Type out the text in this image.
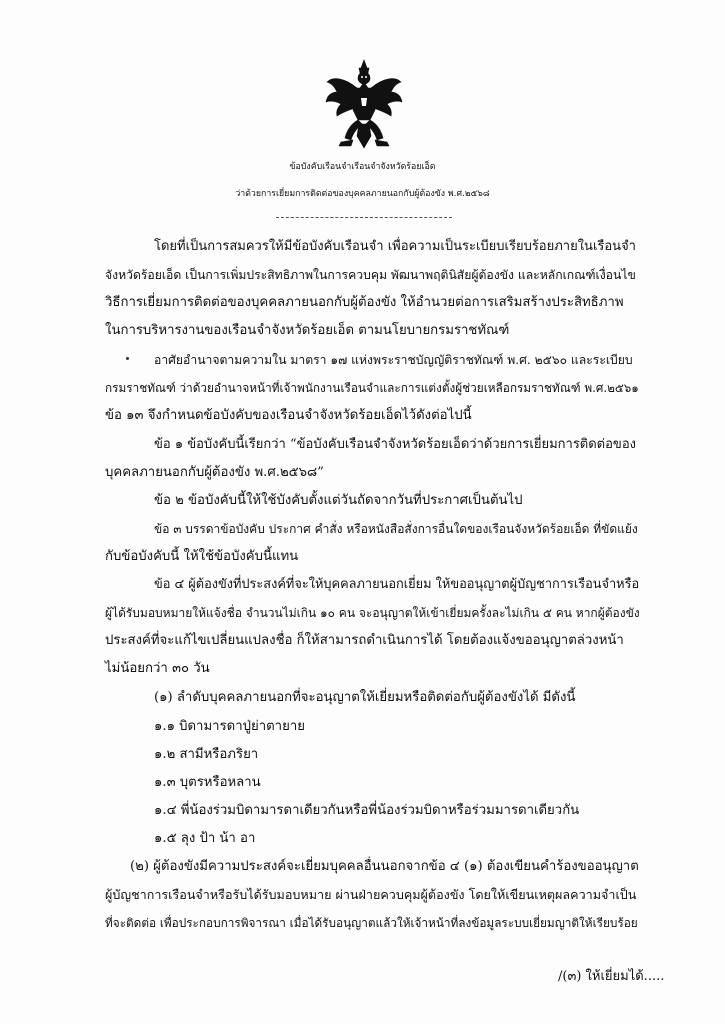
ข้อบังคับเรือนจำเรือนจำจังหวัดร้อยเอ็ด
ว่าด้วยการเยี่ยมการติดต่อของบุคคลภายนอกกับผู้ต้องขัง พ.ศ.๒๕๖๘
โดยที่เป็นการสมควรให้มีข้อบังคับเรือนจำ เพื่อความเป็นระเบียบเรียบร้อยภายในเรือนจำ
จังหวัดร้อยเอ็ด เป็นการเพิ่มประสิทธิภาพในการควบคุม พัฒนาพฤตินิสัยผู้ต้องขัง และหลักเกณฑ์เงื่อนไข
วิธีการเยี่ยมการติดต่อของบุคคลภายนอกกับผู้ต้องขัง ให้อำนวยต่อการเสริมสร้างประสิทธิภาพ
ในการบริหารงานของเรือนจำจังหวัดร้อยเอ็ด ตามนโยบายกรมราชทัณฑ์
อาศัยอำนาจตามความใน มาตรา ๑๗ แห่งพระราชบัญญัติราชทัณฑ์ พ.ศ. ๒๕๖๐ และระเบียบ
กรมราชทัณฑ์ ว่าด้วยอำนาจหน้าที่เจ้าพนักงานเรือนจำและการแต่งตั้งผู้ช่วยเหลือกรมราชทัณฑ์ พ.ศ.๒๕๖๑
ข้อ ๑๓ จึงกำหนดข้อบังคับของเรือนจำจังหวัดร้อยเอ็ดไว้ดังต่อไปนี้
ข้อ ๑ ข้อบังคับนี้เรียกว่า “ข้อบังคับเรือนจำจังหวัดร้อยเอ็ดว่าด้วยการเยี่ยมการติดต่อของ
บุคคลภายนอกกับผู้ต้องขัง พ.ศ.๒๕๖๘”
ข้อ ๒ ข้อบังคับนี้ให้ใช้บังคับตั้งแต่วันถัดจากวันที่ประกาศเป็นต้นไป
ข้อ ๓ บรรดาข้อบังคับ ประกาศ คำสั่ง หรือหนังสือสั่งการอื่นใดของเรือนจังหวัดร้อยเอ็ด ที่ขัดแย้ง
กับข้อบังคับนี้ ให้ใช้ข้อบังคับนี้แทน
ข้อ ๔ ผู้ต้องขังที่ประสงค์ที่จะให้บุคคลภายนอกเยี่ยม ให้ขออนุญาตผู้บัญชาการเรือนจำหรือ
ผู้ได้รับมอบหมายให้แจ้งชื่อ จำนวนไม่เกิน ๑๐ คน จะอนุญาตให้เข้าเยี่ยมครั้งละไม่เกิน ๕ คน หากผู้ต้องขัง
ประสงค์ที่จะแก้ไขเปลี่ยนแปลงชื่อ ก็ให้สามารถดำเนินการได้ โดยต้องแจ้งขออนุญาตล่วงหน้า
ไม่น้อยกว่า ๓๐ วัน
(๑) ลำดับบุคคลภายนอกที่จะอนุญาตให้เยี่ยมหรือติดต่อกับผู้ต้องขังได้ มีดังนี้
๑.๑ บิดามารดาปู่ย่าตายาย
๑.๒ สามีหรือภริยา
๑.๓ บุตรหรือหลาน
๑.๔ พี่น้องร่วมบิดามารดาเดียวกันหรือพี่น้องร่วมบิดาหรือร่วมมารดาเดียวกัน
๑.๕ ลุง ป้า น้า อา
(๒) ผู้ต้องขังมีความประสงค์จะเยี่ยมบุคคลอื่นนอกจากข้อ ๔ (๑) ต้องเขียนคำร้องขออนุญาต
ผู้บัญชาการเรือนจำหรือรับได้รับมอบหมาย ผ่านฝ่ายควบคุมผู้ต้องขัง โดยให้เขียนเหตุผลความจำเป็น
ที่จะติดต่อ เพื่อประกอบการพิจารณา เมื่อได้รับอนุญาตแล้วให้เจ้าหน้าที่ลงข้อมูลระบบเยี่ยมญาติให้เรียบร้อย
/(๓) ให้เยี่ยมได้.....
